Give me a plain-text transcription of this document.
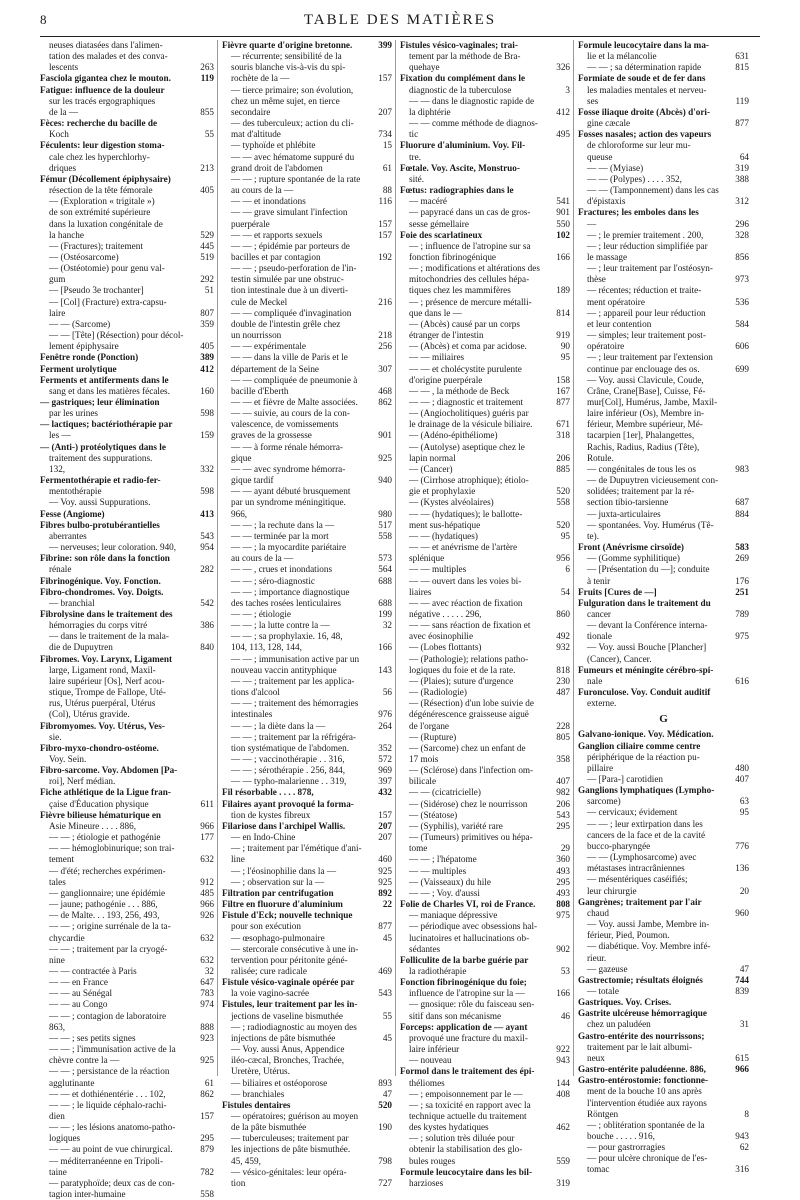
8	TABLE DES MATIÈRES
neuses diatasées dans l'alimen-
tation des malades et des conva-
lescents	263
Fasciola gigantea chez le mouton.	119
Fatigue: influence de la douleur
sur les tracés ergographiques
de la —	855
Fèces: recherche du bacille de
Koch	55
Féculents: leur digestion stoma-
cale chez les hyperchlorhy-
driques	213
Fémur (Décollement épiphysaire)
résection de la tête fémorale	405
— (Exploration « trigitale »)
de son extrémité supérieure
dans la luxation congénitale de
la hanche	529
— (Fractures); traitement	445
— (Ostéosarcome)	519
— (Ostéotomie) pour genu val-
gum	292
— [Pseudo 3e trochanter]	51
— [Col] (Fracture) extra-capsu-
laire	807
— — (Sarcome)	359
— — [Tête] (Résection) pour décol-
lement épiphysaire	405
Fenêtre ronde (Ponction)	389
Ferment urolytique	412
Ferments et antiferments dans le
sang et dans les matières fécales.	160
— gastriques; leur élimination
par les urines	598
— lactiques; bactériothérapie par
les —	159
— (Anti-) protéolytiques dans le
traitement des suppurations.
132,	332
Fermentothérapie et radio-fer-
mentothérapie	598
— Voy. aussi Suppurations.
Fesse (Angiome)	413
Fibres bulbo-protubérantielles
aberrantes	543
— nerveuses; leur coloration. 940,	954
Fibrine: son rôle dans la fonction
rénale	282
Fibrinogénique. Voy. Fonction.
Fibro-chondromes. Voy. Doigts.
— branchial	542
Fibrolysine dans le traitement des
hémorragies du corps vitré	386
— dans le traitement de la mala-
die de Dupuytren	840
Fibromes. Voy. Larynx, Ligament
large, Ligament rond, Maxil-
laire supérieur [Os], Nerf acou-
stique, Trompe de Fallope, Uté-
rus, Utérus puerpéral, Utérus
(Col), Utérus gravide.
Fibromyomes. Voy. Utérus, Ves-
sie.
Fibro-myxo-chondro-ostéome.
Voy. Sein.
Fibro-sarcome. Voy. Abdomen [Pa-
roi], Nerf médian.
Fiche athlétique de la Ligue fran-
çaise d'Éducation physique	611
Fièvre bilieuse hématurique en
Asie Mineure . . . . 886,	966
— — ; étiologie et pathogénie	177
— — hémoglobinurique; son trai-
tement	632
— d'été; recherches expérimen-
tales	912
— ganglionnaire; une épidémie	485
— jaune; pathogénie . . . 886,	966
— de Malte. . . 193, 256, 493,	926
— — ; origine surrénale de la ta-
chycardie	632
— — ; traitement par la cryogé-
nine	632
— — contractée à Paris	32
— — en France	647
— — au Sénégal	783
— — au Congo	974
— — ; contagion de laboratoire
863,	888
— — ; ses petits signes	923
— — ; l'immunisation active de la
chèvre contre la —	925
— — ; persistance de la réaction
agglutinante	61
— — et dothiénentérie . . . 102,	862
— — ; le liquide céphalo-rachi-
dien	157
— — ; les lésions anatomo-patho-
logiques	295
— — au point de vue chirurgical.	879
— méditerranéenne en Tripoli-
taine	782
— paratyphoïde; deux cas de con-
tagion inter-humaine	558
Fièvre quarte d'origine bretonne.	399
— récurrente; sensibilité de la
souris blanche vis-à-vis du spi-
rochète de la —	157
— tierce primaire; son évolution,
chez un même sujet, en tierce
secondaire	207
— des tuberculeux; action du cli-
mat d'altitude	734
— typhoïde et phlébite	15
— — avec hématome suppuré du
grand droit de l'abdomen	61
— — ; rupture spontanée de la rate
au cours de la —	88
— — et inondations	116
— — grave simulant l'infection
puerpérale	157
— — et rapports sexuels	157
— — ; épidémie par porteurs de
bacilles et par contagion	192
— — ; pseudo-perforation de l'in-
testin simulée par une obstruc-
tion intestinale due à un diverti-
cule de Meckel	216
— — compliquée d'invagination
double de l'intestin grêle chez
un nourrisson	218
— — expérimentale	256
— — dans la ville de Paris et le
département de la Seine	307
— — compliquée de pneumonie à
bacille d'Eberth	468
— — et fièvre de Malte associées.	862
— — suivie, au cours de la con-
valescence, de vomissements
graves de la grossesse	901
— — à forme rénale hémorra-
gique	925
— — avec syndrome hémorra-
gique tardif	940
— — ayant débuté brusquement
par un syndrome méningitique.
966,	980
— — ; la rechute dans la —	517
— — terminée par la mort	558
— — ; la myocardite pariétaire
au cours de la —	573
— — , crues et inondations	564
— — ; séro-diagnostic	688
— — ; importance diagnostique
des taches rosées lenticulaires	688
— — ; étiologie	199
— — ; la lutte contre la —	32
— — ; sa prophylaxie. 16, 48,
104, 113, 128, 144,	166
— — ; immunisation active par un
nouveau vaccin antityphique	143
— — ; traitement par les applica-
tions d'alcool	56
— — ; traitement des hémorragies
intestinales	976
— — ; la diète dans la —	264
— — ; traitement par la réfrigéra-
tion systématique de l'abdomen.	352
— — ; vaccinothérapie . . 316,	572
— — ; sérothérapie . 256, 844,	969
— — typho-malarienne . . 319,	397
Fil résorbable . . . . 878,	432
Filaires ayant provoqué la forma-
tion de kystes fibreux	157
Filariose dans l'archipel Wallis.	207
— en Indo-Chine	207
— ; traitement par l'émétique d'ani-
line	460
— ; l'éosinophilie dans la —	925
— ; observation sur la —	925
Filtration par centrifugation	892
Filtre en fluorure d'aluminium	22
Fistule d'Eck; nouvelle technique
pour son exécution	877
— œsophago-pulmonaire	45
— stercorale consécutive à une in-
tervention pour péritonite géné-
ralisée; cure radicale	469
Fistule vésico-vaginale opérée par
la voie vagino-sacrée	543
Fistules, leur traitement par les in-
jections de vaseline bismuthée	55
— ; radiodiagnostic au moyen des
injections de pâte bismuthée	45
— Voy. aussi Anus, Appendice
iléo-cæcal, Bronches, Trachée,
Uretère, Utérus.
— biliaires et ostéoporose	893
— branchiales	47
Fistules dentaires	520
— opératoires; guérison au moyen
de la pâte bismuthée	190
— tuberculeuses; traitement par
les injections de pâte bismuthée.
45, 459,	798
— vésico-génitales: leur opéra-
tion	727
Fistules vésico-vaginales; trai-
tement par la méthode de Bra-
quehaye	326
Fixation du complément dans le
diagnostic de la tuberculose	3
— — dans le diagnostic rapide de
la diphtérie	412
— — comme méthode de diagnos-
tic	495
Fluorure d'aluminium. Voy. Fil-
tre.
Fœtale. Voy. Ascite, Monstruo-
sité.
Fœtus: radiographies dans le
— macéré	541
— papyracé dans un cas de gros-	901
sesse gémellaire	550
Foie des scarlatineux	102
— ; influence de l'atropine sur sa
fonction fibrinogénique	166
— ; modifications et altérations des
mitochondries des cellules hépa-
tiques chez les mammifères	189
— ; présence de mercure métalli-
que dans le —	814
— (Abcès) causé par un corps
étranger de l'intestin	919
— (Abcès) et coma par acidose.	90
— — miliaires	95
— — et cholécystite purulente
d'origine puerpérale	158
— — , la méthode de Beck	167
— — ; diagnostic et traitement	877
— (Angiocholitiques) guéris par
le drainage de la vésicule biliaire.	671
— (Adéno-épithéliome)	318
— (Autolyse) aseptique chez le
lapin normal	206
— (Cancer)	885
— (Cirrhose atrophique); étiolo-
gie et prophylaxie	520
— (Kystes alvéolaires)	558
— — (hydatiques); le ballotte-
ment sus-hépatique	520
— — (hydatiques)	95
— — et anévrisme de l'artère
splénique	956
— — multiples	6
— — ouvert dans les voies bi-
liaires	54
— — avec réaction de fixation
négative . . . . . 296,	860
— — sans réaction de fixation et
avec éosinophilie	492
— (Lobes flottants)	932
— (Pathologie); relations patho-
logiques du foie et de la rate.	818
— (Plaies); suture d'urgence	230
— (Radiologie)	487
— (Résection) d'un lobe suivie de
dégénérescence graisseuse aiguë
de l'organe	228
— (Rupture)	805
— (Sarcome) chez un enfant de
17 mois	358
— (Sclérose) dans l'infection om-
bilicale	407
— — (cicatricielle)	982
— (Sidérose) chez le nourrisson	206
— (Stéatose)	543
— (Syphilis), variété rare	295
— (Tumeurs) primitives ou hépa-
tome	29
— — ; l'hépatome	360
— — multiples	493
— (Vaisseaux) du hile	295
— — ; Voy. d'aussi	493
Folie de Charles VI, roi de France.	808
— maniaque dépressive	975
— périodique avec obsessions hal-
lucinatoires et hallucinations ob-
sédantes	902
Folliculite de la barbe guérie par
la radiothérapie	53
Fonction fibrinogénique du foie;
influence de l'atropine sur la —	166
— gnosique: rôle du faisceau sen-
sitif dans son mécanisme	46
Forceps: application de — ayant
provoqué une fracture du maxil-
laire inférieur	922
— nouveau	943
Formol dans le traitement des épi-
théliomes	144
— ; empoisonnement par le —	408
— ; sa toxicité en rapport avec la
technique actuelle du traitement
des kystes hydatiques	462
— ; solution très diluée pour
obtenir la stabilisation des glo-
bules rouges	559
Formule leucocytaire dans les bil-
harzioses	319
Formule leucocytaire dans la ma-
lie et la mélancolie	631
— — ; sa détermination rapide	815
Formiate de soude et de fer dans
les maladies mentales et nerveu-
ses	119
Fosse iliaque droite (Abcès) d'ori-
gine cæcale	877
Fosses nasales; action des vapeurs
de chloroforme sur leur mu-
queuse	64
— — (Myiase)	319
— — (Polypes) . . . . 352,	388
— — (Tamponnement) dans les cas
d'épistaxis	312
Fractures; les emboles dans les
—	296
— ; le premier traitement . 200,	328
— ; leur réduction simplifiée par
le massage	856
— ; leur traitement par l'ostéosyn-
thèse	973
— récentes; réduction et traite-
ment opératoire	536
— ; appareil pour leur réduction
et leur contention	584
— simples; leur traitement post-
opératoire	606
— ; leur traitement par l'extension
continue par enclouage des os.	699
— Voy. aussi Clavicule, Coude,
Crâne, Crane[Base], Cuisse, Fé-
mur[Col], Humérus, Jambe, Maxil-
laire inférieur (Os), Membre in-
férieur, Membre supérieur, Mé-
tacarpien [1er], Phalangettes,
Rachis, Radius, Radius (Tête),
Rotule.
— congénitales de tous les os	983
— de Dupuytren vicieusement con-
solidées; traitement par la ré-
section tibio-tarsienne	687
— juxta-articulaires	884
— spontanées. Voy. Humérus (Tê-
te).
Front (Anévrisme cirsoïde)	583
— (Gomme syphilitique)	269
— [Présentation du —]; conduite
à tenir	176
Fruits [Cures de —]	251
Fulguration dans le traitement du
cancer	789
— devant la Conférence interna-
tionale	975
— Voy. aussi Bouche [Plancher]
(Cancer), Cancer.
Fumeurs et méningite cérébro-spi-
nale	616
Furonculose. Voy. Conduit auditif
externe.
G
Galvano-ionique. Voy. Médication.
Ganglion ciliaire comme centre
périphérique de la réaction pu-
pillaire	480
— [Para-] carotidien	407
Ganglions lymphatiques (Lympho-
sarcome)	63
— cervicaux; évidement	95
— — ; leur extirpation dans les
cancers de la face et de la cavité
bucco-pharyngée	776
— — (Lymphosarcome) avec
métastases intracrâniennes	136
— mésentériques caséifiés;
leur chirurgie	20
Gangrènes; traitement par l'air
chaud	960
— Voy. aussi Jambe, Membre in-
férieur, Pied, Poumon.
— diabétique. Voy. Membre infé-
rieur.
— gazeuse	47
Gastrectomie; résultats éloignés	744
— totale	839
Gastriques. Voy. Crises.
Gastrite ulcéreuse hémorragique
chez un paludéen	31
Gastro-entérite des nourrissons;
traitement par le lait albumi-
neux	615
Gastro-entérite paludéenne. 886,	966
Gastro-entérostomie: fonctionne-
ment de la bouche 10 ans après
l'intervention étudiée aux rayons
Röntgen	8
— ; oblitération spontanée de la
bouche . . . . . 916,	943
— pour gastrorragies	62
— pour ulcère chronique de l'es-
tomac	316
